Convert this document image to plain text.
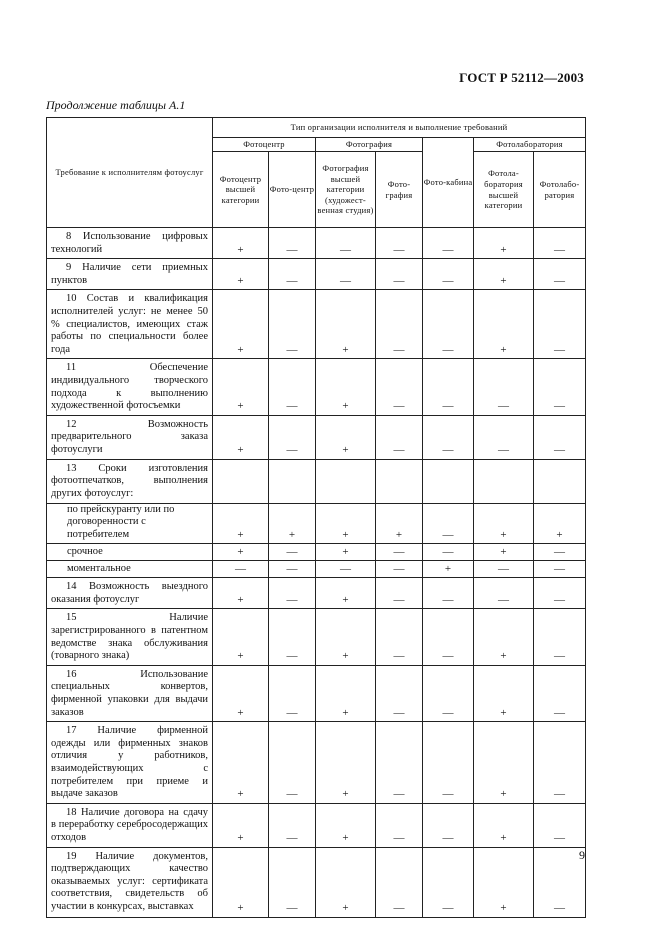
ГОСТ Р 52112—2003
Продолжение таблицы А.1
Требование к исполнителям фотоуслуг	Тип организации исполнителя и выполнение требований						
	Фотоцентр		Фотография		Фото-кабина	Фотолаборатория	
	Фотоцентр высшей категории	Фото-центр	Фотография высшей категории (художест-венная студия)	Фото-графия		Фотола-боратория высшей категории	Фотолабо-ратория
8 Использование цифровых технологий	+	—	—	—	—	+	—
9 Наличие сети приемных пунктов	+	—	—	—	—	+	—
10 Состав и квалификация исполнителей услуг: не менее 50 % специалистов, имеющих стаж работы по специальности более года	+	—	+	—	—	+	—
11 Обеспечение индивидуального творческого подхода к выполнению художественной фотосъемки	+	—	+	—	—	—	—
12 Возможность предварительного заказа фотоуслуги	+	—	+	—	—	—	—
13 Сроки изготовления фотоотпечатков, выполнения других фотоуслуг:							
по прейскуранту или по договоренности с потребителем	+	+	+	+	—	+	+
срочное	+	—	+	—	—	+	—
моментальное	—	—	—	—	+	—	—
14 Возможность выездного оказания фотоуслуг	+	—	+	—	—	—	—
15 Наличие зарегистрированного в патентном ведомстве знака обслуживания (товарного знака)	+	—	+	—	—	+	—
16 Использование специальных конвертов, фирменной упаковки для выдачи заказов	+	—	+	—	—	+	—
17 Наличие фирменной одежды или фирменных знаков отличия у работников, взаимодействующих с потребителем при приеме и выдаче заказов	+	—	+	—	—	+	—
18 Наличие договора на сдачу в переработку серебросодержащих отходов	+	—	+	—	—	+	—
19 Наличие документов, подтверждающих качество оказываемых услуг: сертификата соответствия, свидетельств об участии в конкурсах, выставках	+	—	+	—	—	+	—
9
